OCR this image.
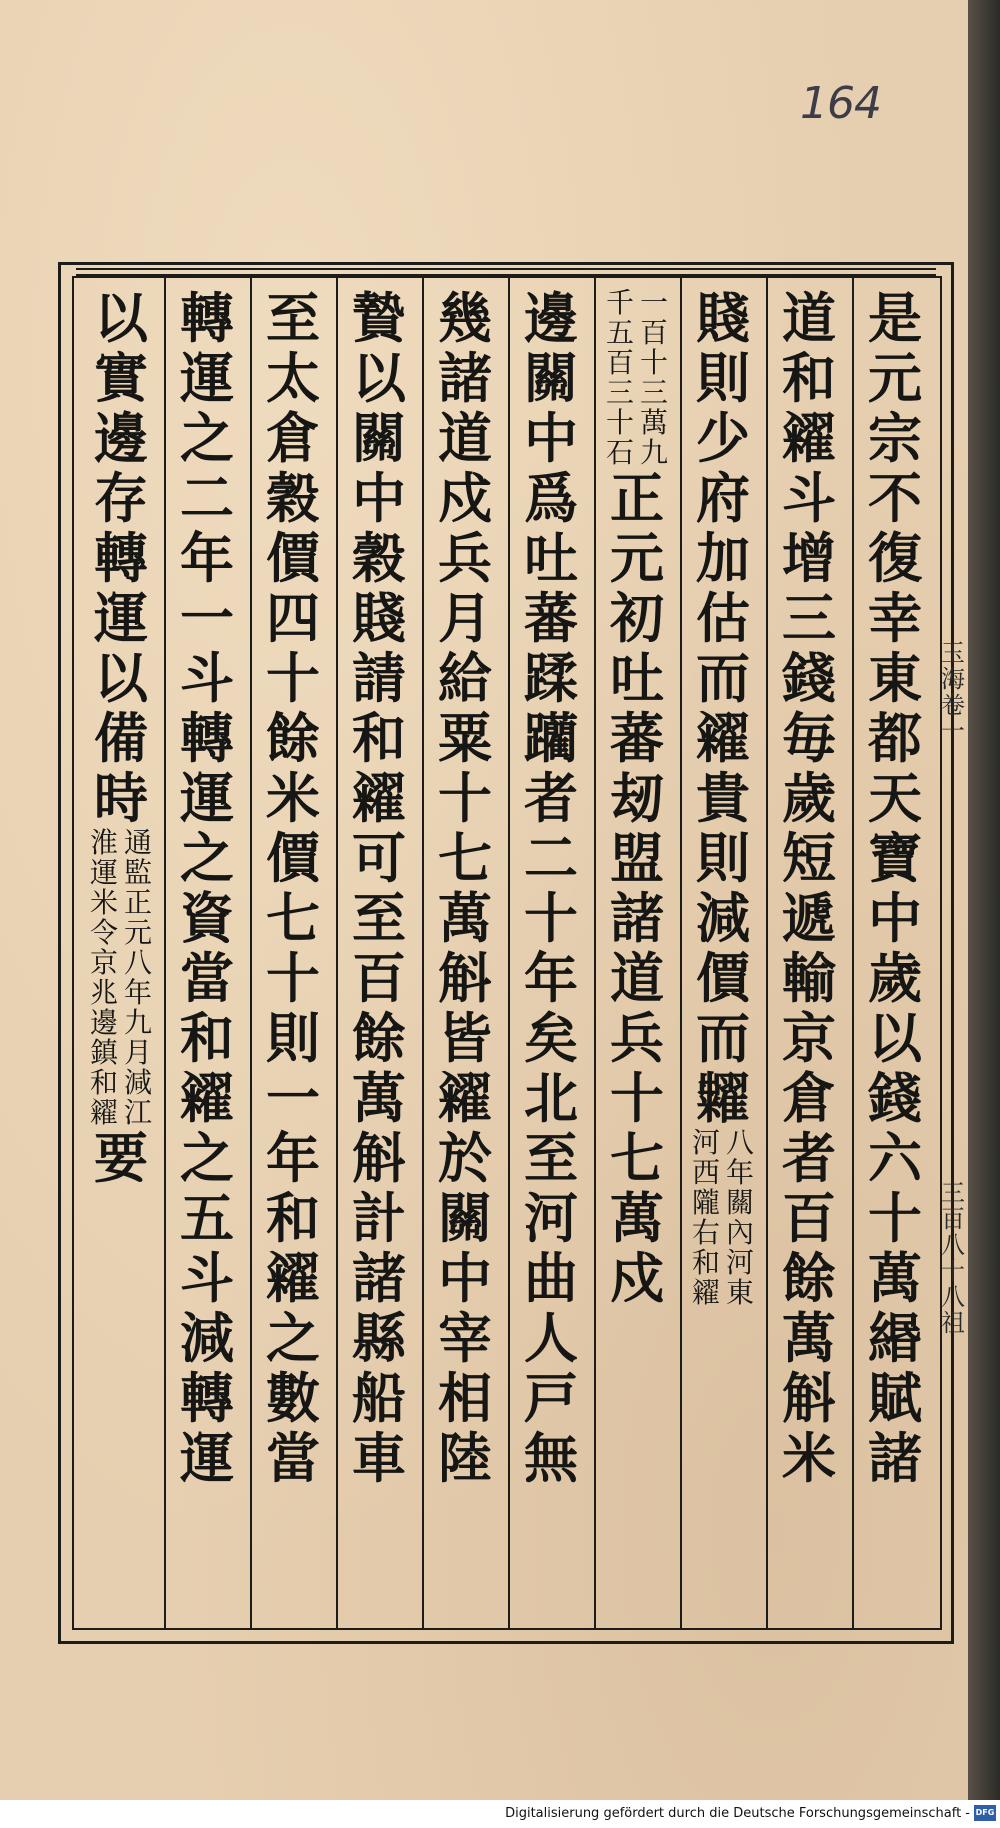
164
是
元
宗
不
復
幸
東
都
天
寶
中
歲
以
錢
六
十
萬
緡
賦
諸
道
和
糴
斗
增
三
錢
毎
歲
短
遞
輸
京
倉
者
百
餘
萬
斛
米
賤
則
少
府
加
估
而
糴
貴
則
減
價
而
糶
八
年
關
內
河
東
河
西
隴
右
和
糴
一
百
十
三
萬
九
千
五
百
三
十
石
正
元
初
吐
蕃
刼
盟
諸
道
兵
十
七
萬
戍
邊
關
中
爲
吐
蕃
蹂
躪
者
二
十
年
矣
北
至
河
曲
人
戸
無
幾
諸
道
戍
兵
月
給
粟
十
七
萬
斛
皆
糴
於
關
中
宰
相
陸
贄
以
關
中
穀
賤
請
和
糴
可
至
百
餘
萬
斛
計
諸
縣
船
車
至
太
倉
穀
價
四
十
餘
米
價
七
十
則
一
年
和
糴
之
數
當
轉
運
之
二
年
一
斗
轉
運
之
資
當
和
糴
之
五
斗
減
轉
運
以
實
邊
存
轉
運
以
備
時
通
監
正
元
八
年
九
月
減
江
淮
運
米
令
京
兆
邊
鎮
和
糴
要
玉
海
卷
一
三
百
八
十
八
祖
Digitalisierung gefördert durch die Deutsche Forschungsgemeinschaft - DFG
